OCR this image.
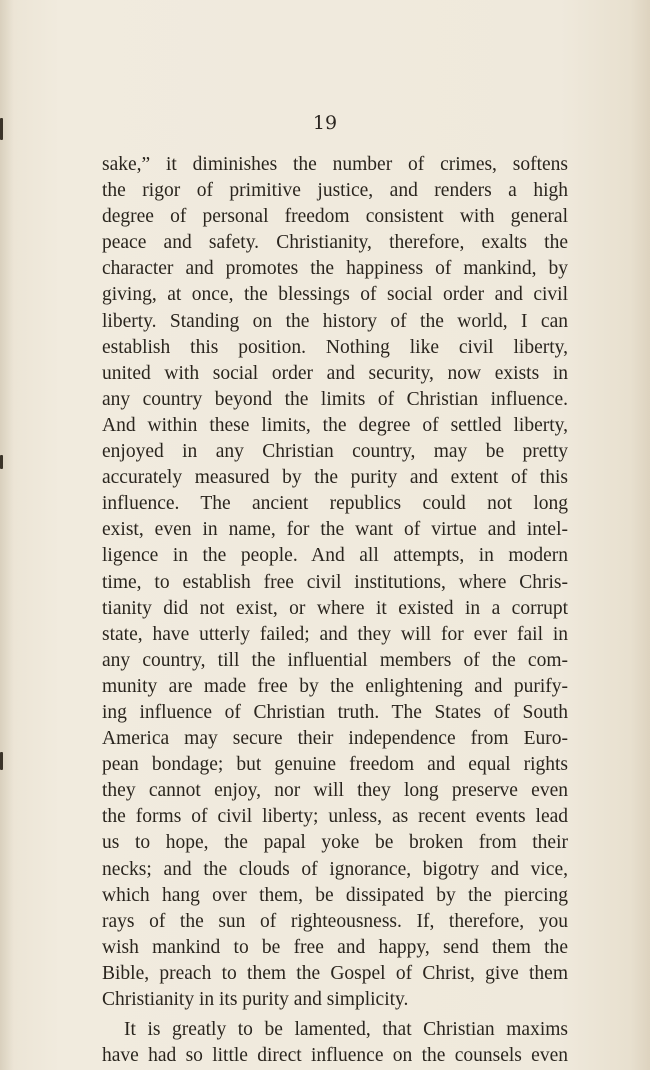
19
sake,” it diminishes the number of crimes, softens
the rigor of primitive justice, and renders a high
degree of personal freedom consistent with general
peace and safety. Christianity, therefore, exalts the
character and promotes the happiness of mankind, by
giving, at once, the blessings of social order and civil
liberty. Standing on the history of the world, I can
establish this position. Nothing like civil liberty,
united with social order and security, now exists in
any country beyond the limits of Christian influence.
And within these limits, the degree of settled liberty,
enjoyed in any Christian country, may be pretty
accurately measured by the purity and extent of this
influence. The ancient republics could not long
exist, even in name, for the want of virtue and intel-
ligence in the people. And all attempts, in modern
time, to establish free civil institutions, where Chris-
tianity did not exist, or where it existed in a corrupt
state, have utterly failed; and they will for ever fail in
any country, till the influential members of the com-
munity are made free by the enlightening and purify-
ing influence of Christian truth. The States of South
America may secure their independence from Euro-
pean bondage; but genuine freedom and equal rights
they cannot enjoy, nor will they long preserve even
the forms of civil liberty; unless, as recent events lead
us to hope, the papal yoke be broken from their
necks; and the clouds of ignorance, bigotry and vice,
which hang over them, be dissipated by the piercing
rays of the sun of righteousness. If, therefore, you
wish mankind to be free and happy, send them the
Bible, preach to them the Gospel of Christ, give them
Christianity in its purity and simplicity.
It is greatly to be lamented, that Christian maxims
have had so little direct influence on the counsels even
